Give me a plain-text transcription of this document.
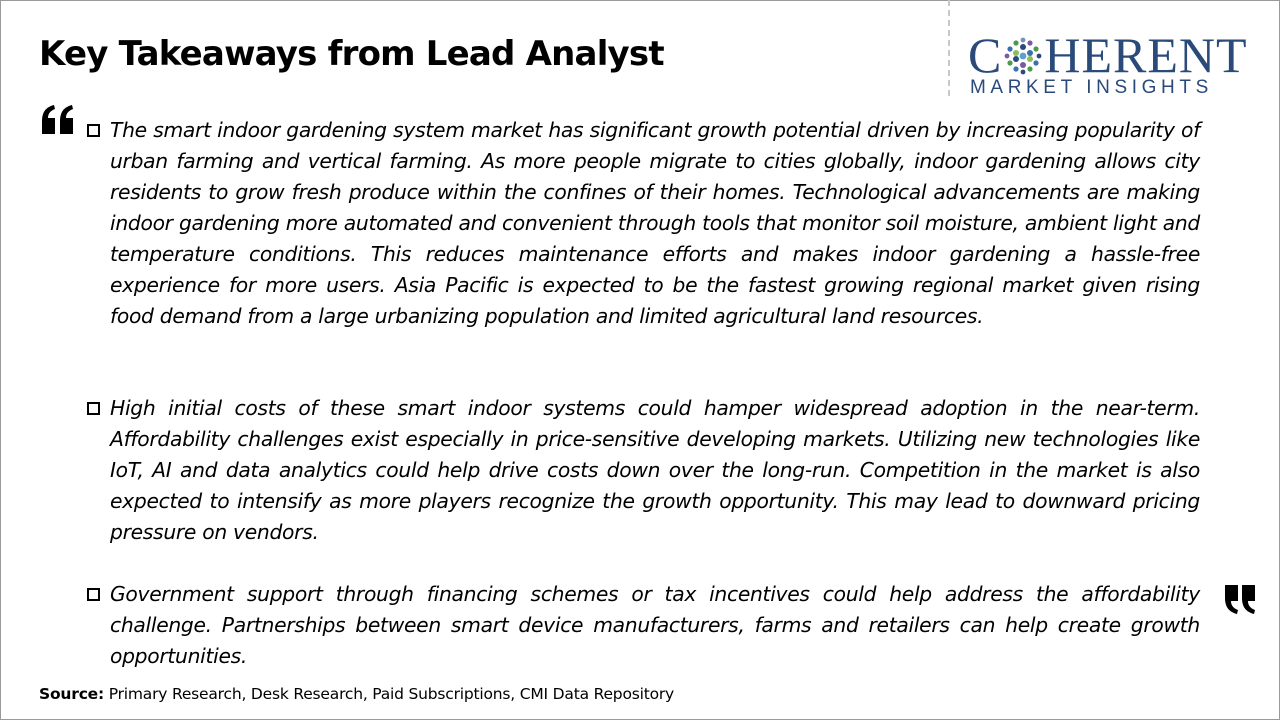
Key Takeaways from Lead Analyst	C HERENT
MARKET INSIGHTS
The smart indoor gardening system market has significant growth potential driven by increasing popularity of urban farming and vertical farming. As more people migrate to cities globally, indoor gardening allows city residents to grow fresh produce within the confines of their homes. Technological advancements are making indoor gardening more automated and convenient through tools that monitor soil moisture, ambient light and temperature conditions. This reduces maintenance efforts and makes indoor gardening a hassle-free experience for more users. Asia Pacific is expected to be the fastest growing regional market given rising food demand from a large urbanizing population and limited agricultural land resources.
High initial costs of these smart indoor systems could hamper widespread adoption in the near-term. Affordability challenges exist especially in price-sensitive developing markets. Utilizing new technologies like IoT, AI and data analytics could help drive costs down over the long-run. Competition in the market is also expected to intensify as more players recognize the growth opportunity. This may lead to downward pricing pressure on vendors.
Government support through financing schemes or tax incentives could help address the affordability challenge. Partnerships between smart device manufacturers, farms and retailers can help create growth opportunities.
Source: Primary Research, Desk Research, Paid Subscriptions, CMI Data Repository
